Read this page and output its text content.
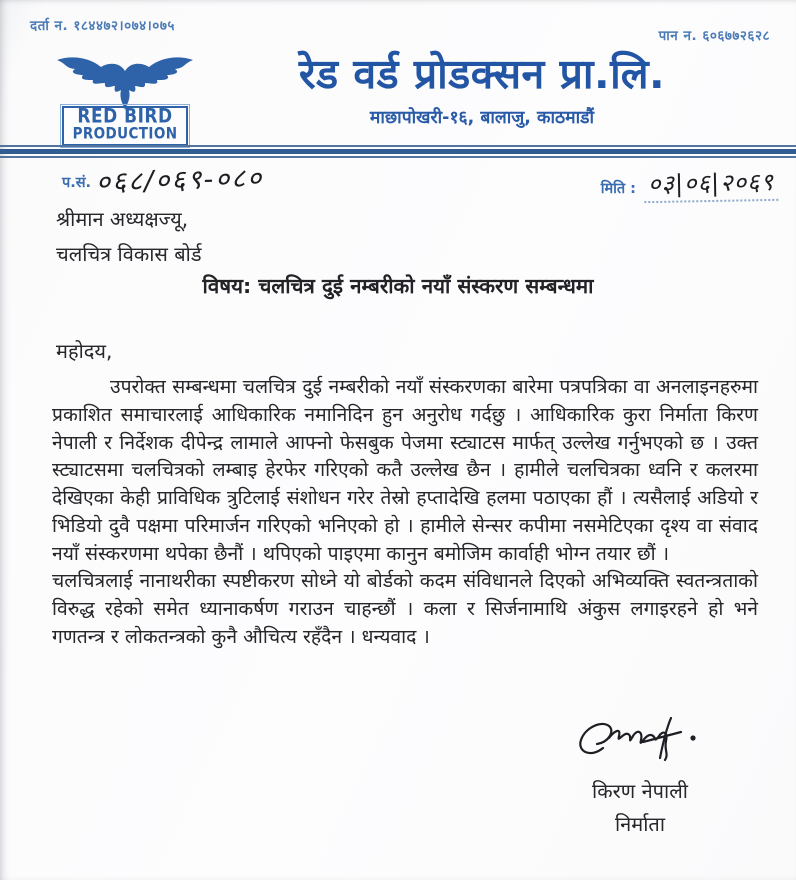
दर्ता न. १८४४७२।०७४।०७५
पान न. ६०६७७२६२८
RED BIRD
PRODUCTION
रेड वर्ड प्रोडक्सन प्रा.लि.
माछापोखरी-१६, बालाजु, काठमाडौं
प.सं. ०६८/०६९-०८०	मिति : ०३|०६|२०६९
श्रीमान अध्यक्षज्यू,
चलचित्र विकास बोर्ड
विषय: चलचित्र दुई नम्बरीको नयाँ संस्करण सम्बन्धमा
महोदय,

उपरोक्त सम्बन्धमा चलचित्र दुई नम्बरीको नयाँ संस्करणका बारेमा पत्रपत्रिका वा अनलाइनहरुमा प्रकाशित समाचारलाई आधिकारिक नमानिदिन हुन अनुरोध गर्दछु । आधिकारिक कुरा निर्माता किरण नेपाली र निर्देशक दीपेन्द्र लामाले आफ्नो फेसबुक पेजमा स्ट्याटस मार्फत् उल्लेख गर्नुभएको छ । उक्त स्ट्याटसमा चलचित्रको लम्बाइ हेरफेर गरिएको कतै उल्लेख छैन । हामीले चलचित्रका ध्वनि र कलरमा देखिएका केही प्राविधिक त्रुटिलाई संशोधन गरेर तेस्रो हप्तादेखि हलमा पठाएका हौं । त्यसैलाई अडियो र भिडियो दुवै पक्षमा परिमार्जन गरिएको भनिएको हो । हामीले सेन्सर कपीमा नसमेटिएका दृश्य वा संवाद नयाँ संस्करणमा थपेका छैनौं । थपिएको पाइएमा कानुन बमोजिम कार्वाही भोग्न तयार छौं ।

चलचित्रलाई नानाथरीका स्पष्टीकरण सोध्ने यो बोर्डको कदम संविधानले दिएको अभिव्यक्ति स्वतन्त्रताको विरुद्ध रहेको समेत ध्यानाकर्षण गराउन चाहन्छौं । कला र सिर्जनामाथि अंकुस लगाइरहने हो भने गणतन्त्र र लोकतन्त्रको कुनै औचित्य रहँदैन । धन्यवाद ।

किरण नेपाली
निर्माता
